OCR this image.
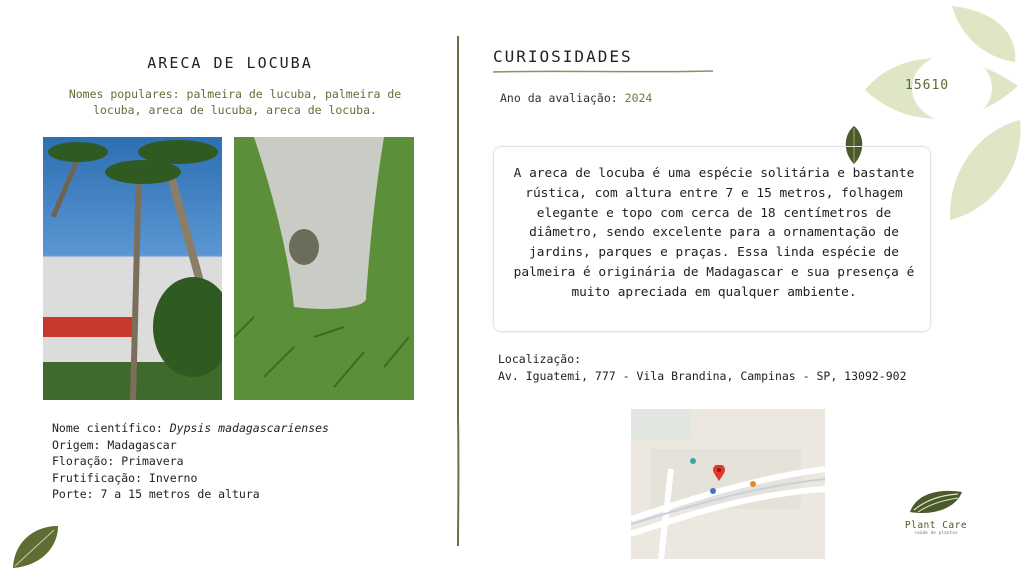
15610
ARECA DE LOCUBA
Nomes populares: palmeira de lucuba, palmeira de locuba, areca de lucuba, areca de locuba.
Nome científico: Dypsis madagascarienses
Origem: Madagascar
Floração: Primavera
Frutificação: Inverno
Porte: 7 a 15 metros de altura
CURIOSIDADES
Ano da avaliação: 2024
A areca de locuba é uma espécie solitária e bastante rústica, com altura entre 7 e 15 metros, folhagem elegante e topo com cerca de 18 centímetros de diâmetro, sendo excelente para a ornamentação de jardins, parques e praças. Essa linda espécie de palmeira é originária de Madagascar e sua presença é muito apreciada em qualquer ambiente.
Localização:
Av. Iguatemi, 777 - Vila Brandina, Campinas - SP, 13092-902
Plant Care
saúde de plantas
